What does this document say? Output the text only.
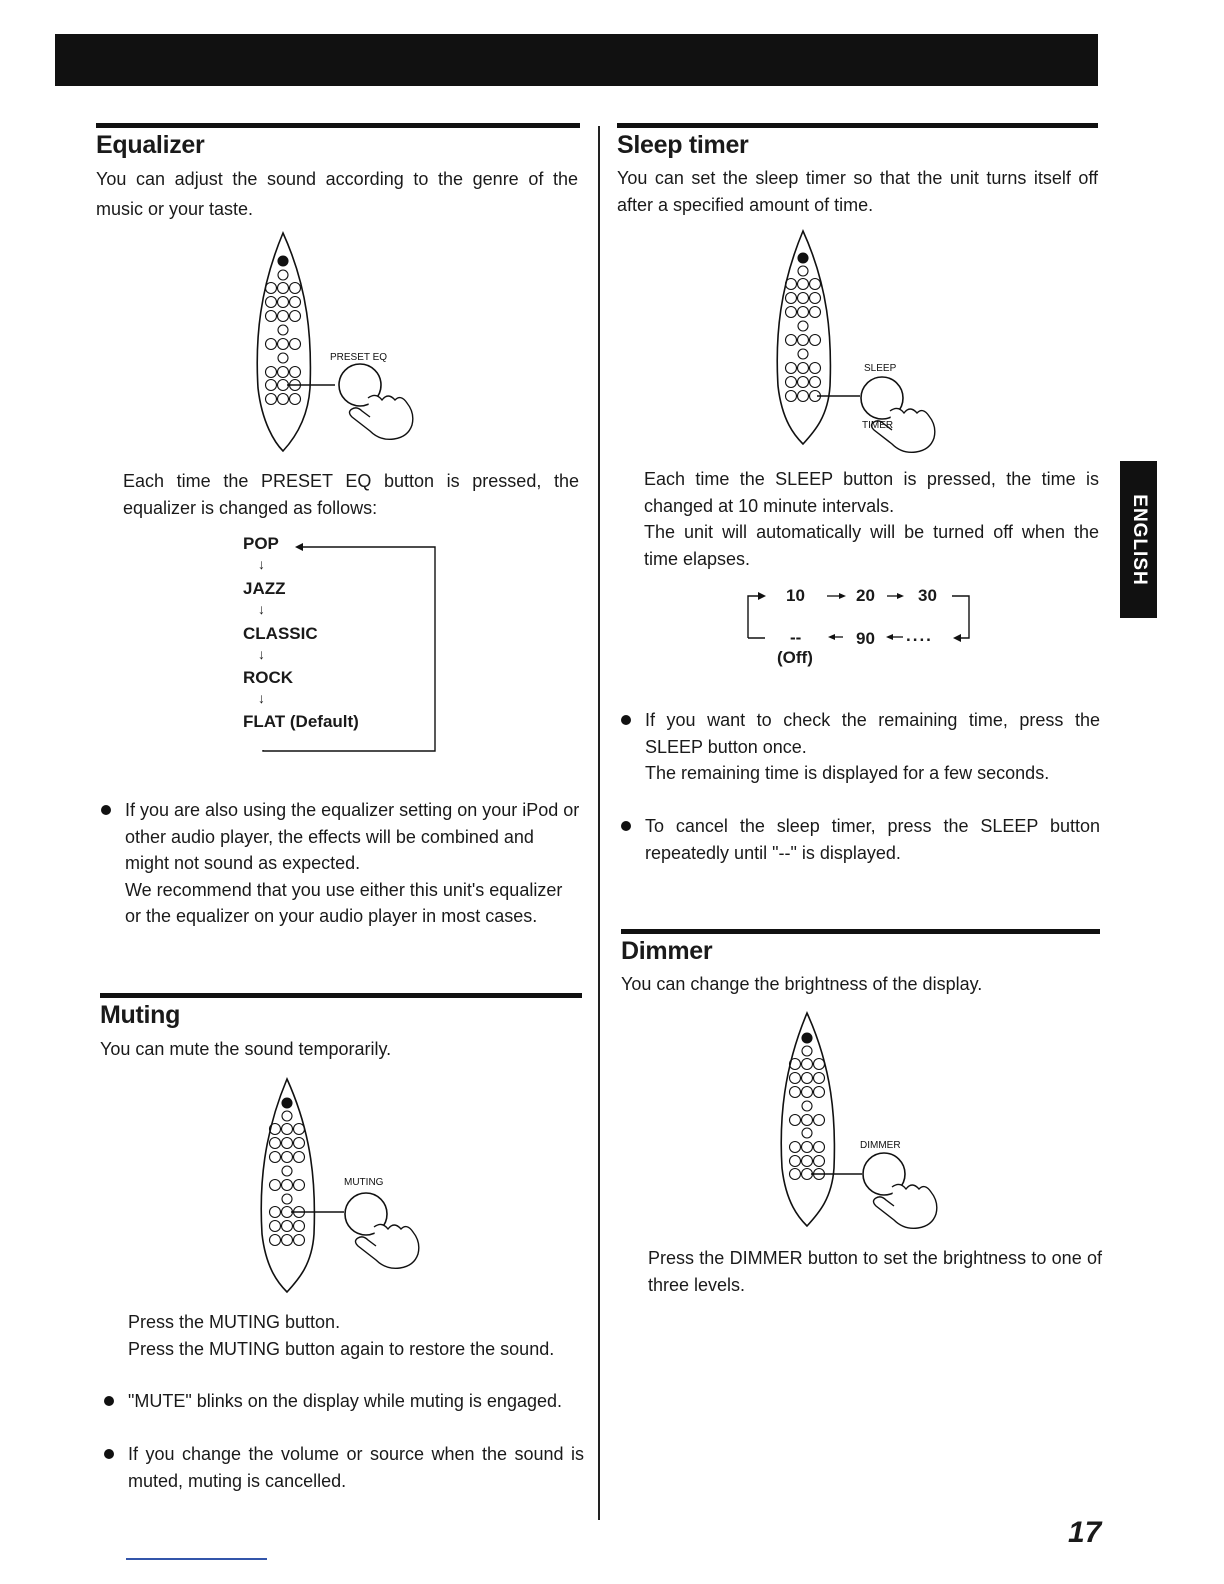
Equalizer

You can adjust the sound according to the genre of the music or your taste.

PRESET EQ

Each time the PRESET EQ button is pressed, the equalizer is changed as follows:

POP
↓
JAZZ
↓
CLASSIC
↓
ROCK
↓
FLAT (Default)
If you are also using the equalizer setting on your iPod or other audio player, the effects will be combined and might not sound as expected.
We recommend that you use either this unit's equalizer or the equalizer on your audio player in most cases.
Muting

You can mute the sound temporarily.

MUTING

Press the MUTING button.
Press the MUTING button again to restore the sound.

"MUTE" blinks on the display while muting is engaged.
If you change the volume or source when the sound is muted, muting is cancelled.
Sleep timer

You can set the sleep timer so that the unit turns itself off after a specified amount of time.

SLEEP
TIMER

Each time the SLEEP button is pressed, the time is changed at 10 minute intervals.
The unit will automatically will be turned off when the time elapses.

10	20	30
--	90 ....
(Off)
If you want to check the remaining time, press the SLEEP button once.
The remaining time is displayed for a few seconds.
To cancel the sleep timer, press the SLEEP button repeatedly until "--" is displayed.
Dimmer

You can change the brightness of the display.

DIMMER

Press the DIMMER button to set the brightness to one of three levels.

ENGLISH
17
